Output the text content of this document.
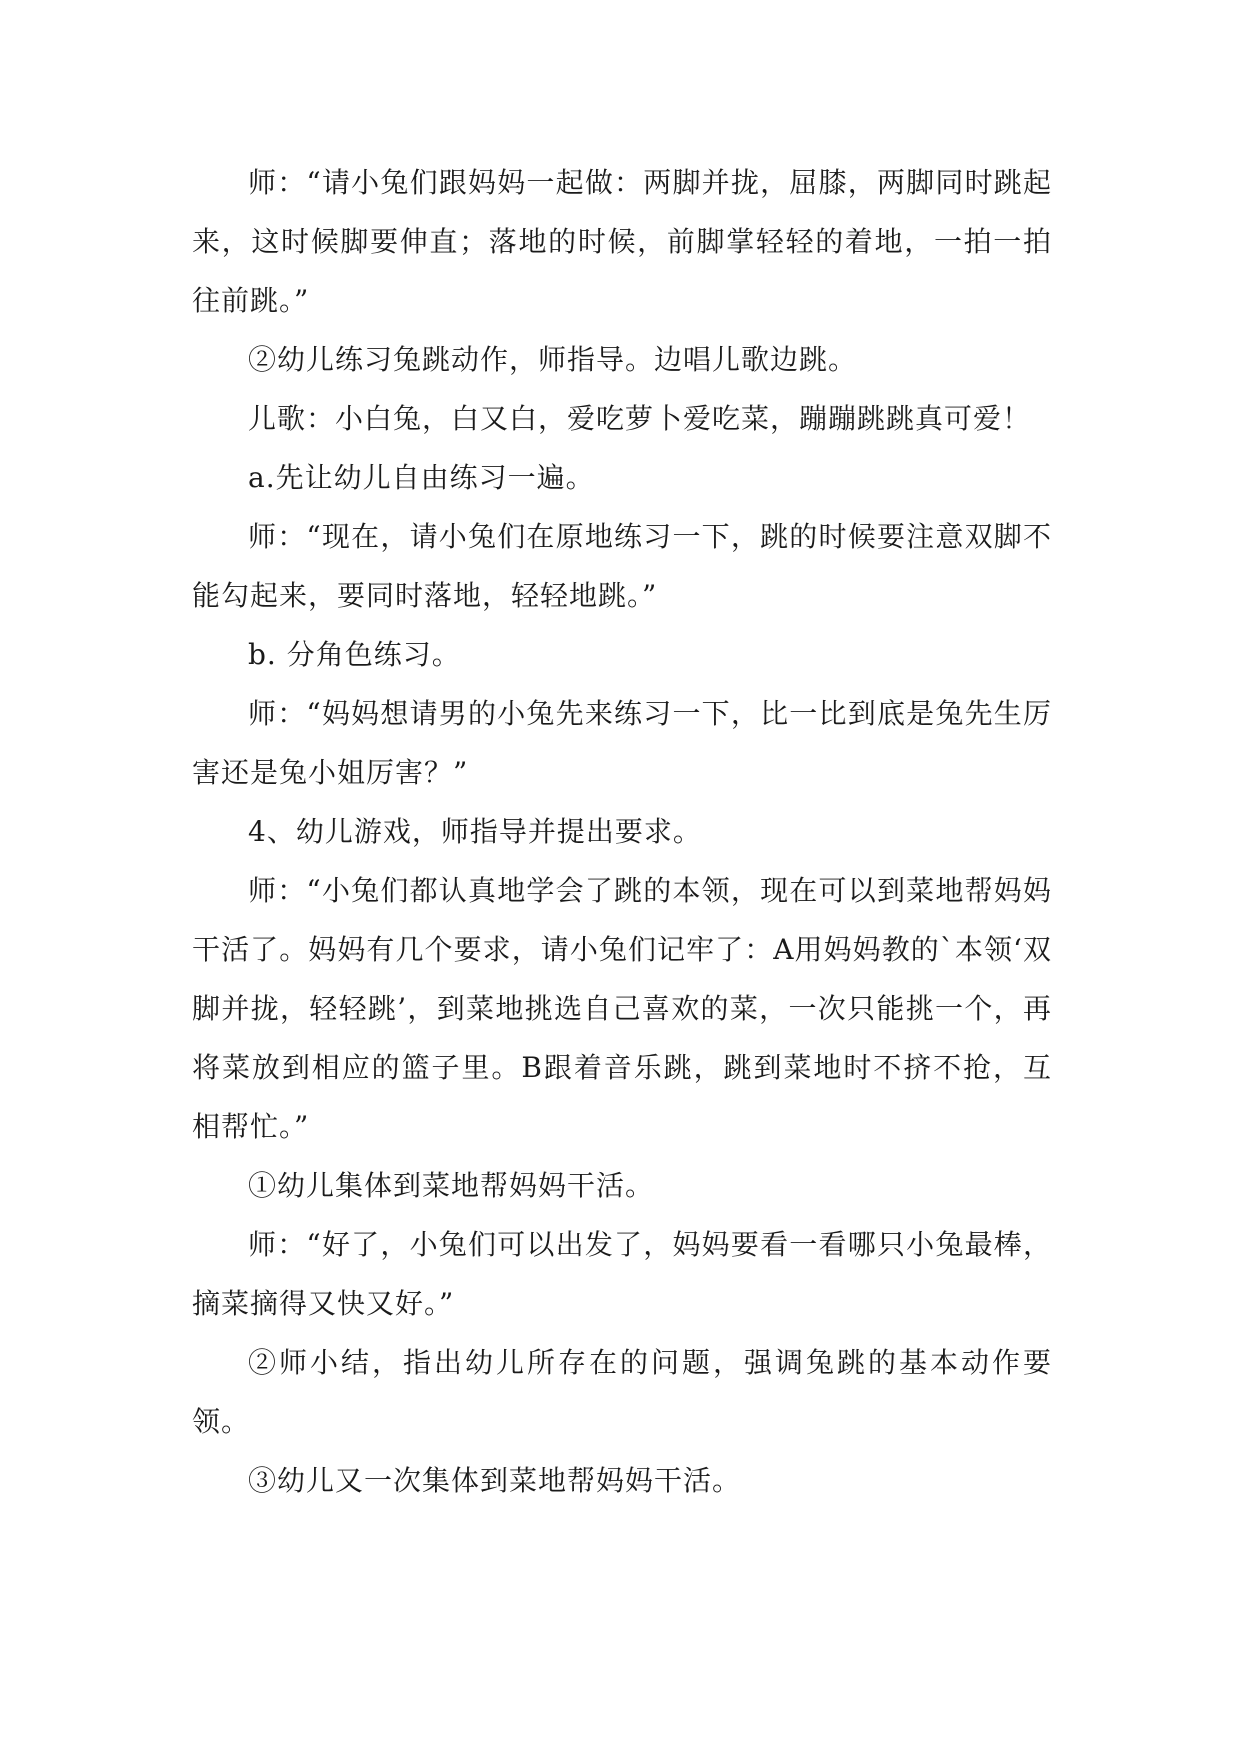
师：“请小兔们跟妈妈一起做：两脚并拢，屈膝，两脚同时跳起来，这时候脚要伸直；落地的时候，前脚掌轻轻的着地，一拍一拍往前跳。”

②幼儿练习兔跳动作，师指导。边唱儿歌边跳。

儿歌：小白兔，白又白，爱吃萝卜爱吃菜，蹦蹦跳跳真可爱！

a.先让幼儿自由练习一遍。

师：“现在，请小兔们在原地练习一下，跳的时候要注意双脚不能勾起来，要同时落地，轻轻地跳。”

b. 分角色练习。

师：“妈妈想请男的小兔先来练习一下，比一比到底是兔先生厉害还是兔小姐厉害？”

4、幼儿游戏，师指导并提出要求。

师：“小兔们都认真地学会了跳的本领，现在可以到菜地帮妈妈干活了。妈妈有几个要求，请小兔们记牢了：A用妈妈教的`本领‘双脚并拢，轻轻跳’，到菜地挑选自己喜欢的菜，一次只能挑一个，再将菜放到相应的篮子里。B跟着音乐跳，跳到菜地时不挤不抢，互相帮忙。”

①幼儿集体到菜地帮妈妈干活。

师：“好了，小兔们可以出发了，妈妈要看一看哪只小兔最棒，摘菜摘得又快又好。”

②师小结，指出幼儿所存在的问题，强调兔跳的基本动作要领。

③幼儿又一次集体到菜地帮妈妈干活。
